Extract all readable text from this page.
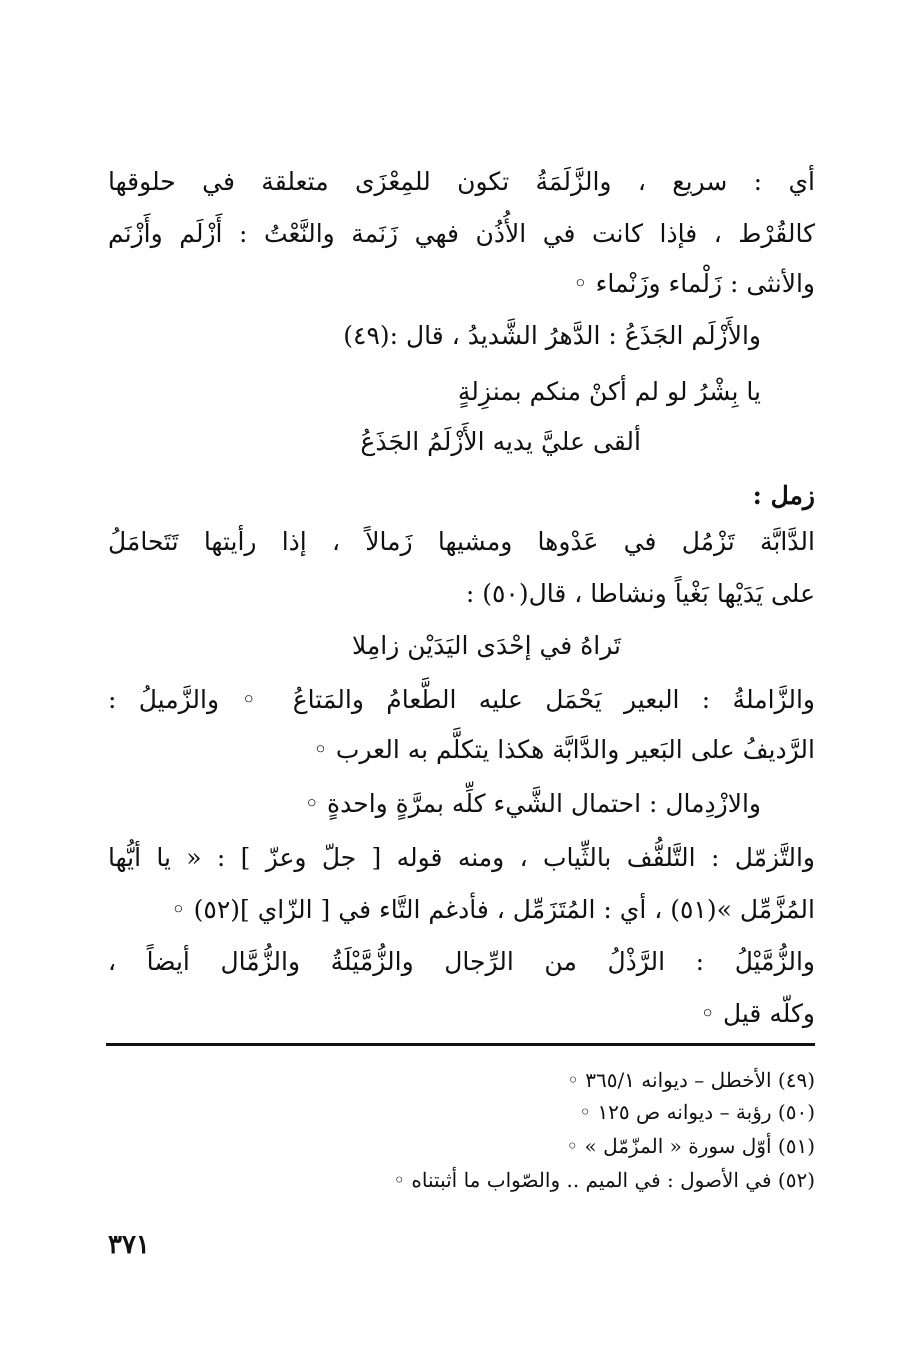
أي : سريع ، والزَّلَمَةُ تكون للمِعْزَى متعلقة في حلوقها
كالقُرْط ، فإذا كانت في الأُذُن فهي زَنَمة والنَّعْتُ : أَزْلَم وأَزْنَم
والأنثى : زَلْماء وزَنْماء ◦
والأَزْلَم الجَذَعُ : الدَّهرُ الشَّديدُ ، قال :(٤٩)
يا بِشْرُ لو لم أكنْ منكم بمنزِلةٍ
ألقى عليَّ يديه الأَزْلَمُ الجَذَعُ
زمل :
الدَّابَّة تَزْمُل في عَدْوها ومشيها زَمالاً ، إذا رأيتها تَتَحامَلُ
على يَدَيْها بَغْياً ونشاطا ، قال(٥٠) :
تَراهُ في إحْدَى اليَدَيْن زامِلا
والزَّاملةُ : البعير يَحْمَل عليه الطَّعامُ والمَتاعُ ◦ والزَّميلُ :
الرَّديفُ على البَعير والدَّابَّة هكذا يتكلَّم به العرب ◦
والازْدِمال : احتمال الشَّيء كلِّه بمرَّةٍ واحدةٍ ◦
والتَّزمّل : التَّلفُّف بالثِّياب ، ومنه قوله [ جلّ وعزّ ] : « يا أيُّها
المُزَّمِّل »(٥١) ، أي : المُتَزَمِّل ، فأدغم التَّاء في [ الزّاي ](٥٢) ◦
والزُّمَّيْلُ : الرَّذْلُ من الرِّجال والزُّمَّيْلَةُ والزُّمَّال أيضاً ،
وكلّه قيل ◦
(٤٩) الأخطل – ديوانه ٣٦٥/١ ◦
(٥٠) رؤبة – ديوانه ص ١٢٥ ◦
(٥١) أوّل سورة « المزّمّل » ◦
(٥٢) في الأصول : في الميم .. والصّواب ما أثبتناه ◦
٣٧١
